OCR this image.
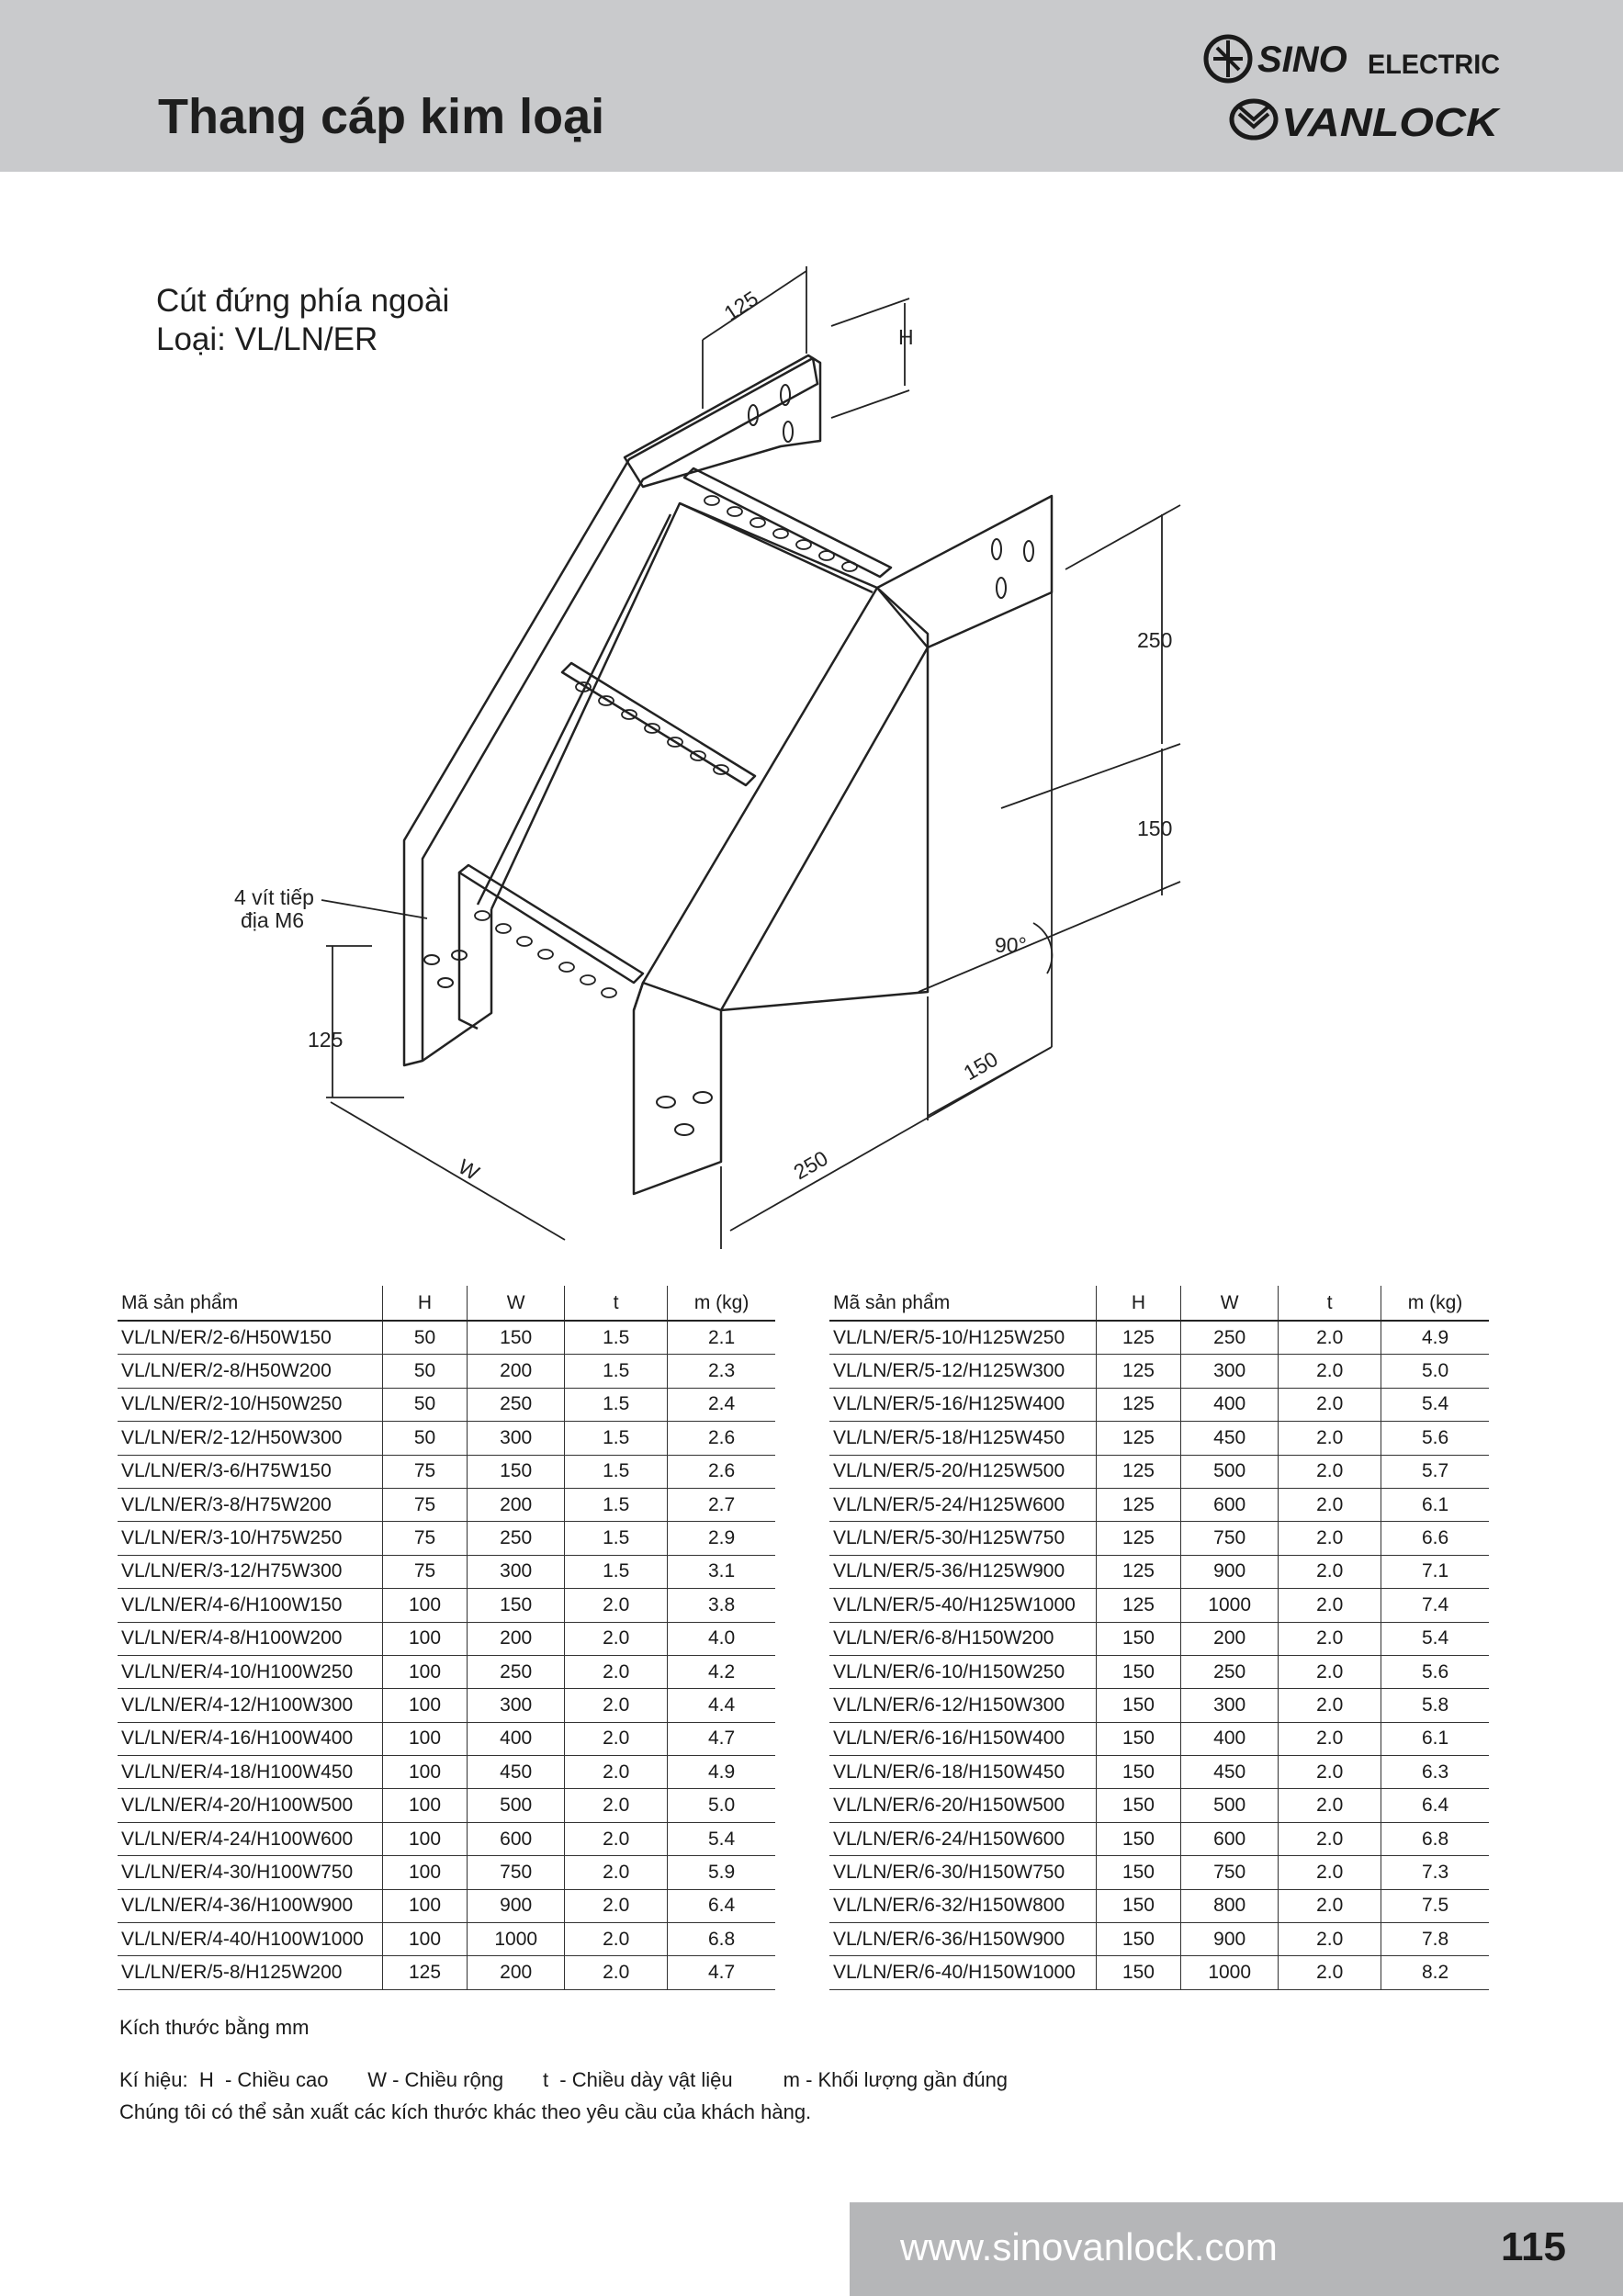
Thang cáp kim loại
SINO ELECTRIC
VANLOCK
Cút đứng phía ngoài
Loại: VL/LN/ER
125
H
250
150
90°
150
250
W
125
4 vít tiếp
địa M6
Mã sản phẩm	H	W	t	m (kg)
VL/LN/ER/2-6/H50W150	50	150	1.5	2.1
VL/LN/ER/2-8/H50W200	50	200	1.5	2.3
VL/LN/ER/2-10/H50W250	50	250	1.5	2.4
VL/LN/ER/2-12/H50W300	50	300	1.5	2.6
VL/LN/ER/3-6/H75W150	75	150	1.5	2.6
VL/LN/ER/3-8/H75W200	75	200	1.5	2.7
VL/LN/ER/3-10/H75W250	75	250	1.5	2.9
VL/LN/ER/3-12/H75W300	75	300	1.5	3.1
VL/LN/ER/4-6/H100W150	100	150	2.0	3.8
VL/LN/ER/4-8/H100W200	100	200	2.0	4.0
VL/LN/ER/4-10/H100W250	100	250	2.0	4.2
VL/LN/ER/4-12/H100W300	100	300	2.0	4.4
VL/LN/ER/4-16/H100W400	100	400	2.0	4.7
VL/LN/ER/4-18/H100W450	100	450	2.0	4.9
VL/LN/ER/4-20/H100W500	100	500	2.0	5.0
VL/LN/ER/4-24/H100W600	100	600	2.0	5.4
VL/LN/ER/4-30/H100W750	100	750	2.0	5.9
VL/LN/ER/4-36/H100W900	100	900	2.0	6.4
VL/LN/ER/4-40/H100W1000	100	1000	2.0	6.8
VL/LN/ER/5-8/H125W200	125	200	2.0	4.7
Mã sản phẩm	H	W	t	m (kg)
VL/LN/ER/5-10/H125W250	125	250	2.0	4.9
VL/LN/ER/5-12/H125W300	125	300	2.0	5.0
VL/LN/ER/5-16/H125W400	125	400	2.0	5.4
VL/LN/ER/5-18/H125W450	125	450	2.0	5.6
VL/LN/ER/5-20/H125W500	125	500	2.0	5.7
VL/LN/ER/5-24/H125W600	125	600	2.0	6.1
VL/LN/ER/5-30/H125W750	125	750	2.0	6.6
VL/LN/ER/5-36/H125W900	125	900	2.0	7.1
VL/LN/ER/5-40/H125W1000	125	1000	2.0	7.4
VL/LN/ER/6-8/H150W200	150	200	2.0	5.4
VL/LN/ER/6-10/H150W250	150	250	2.0	5.6
VL/LN/ER/6-12/H150W300	150	300	2.0	5.8
VL/LN/ER/6-16/H150W400	150	400	2.0	6.1
VL/LN/ER/6-18/H150W450	150	450	2.0	6.3
VL/LN/ER/6-20/H150W500	150	500	2.0	6.4
VL/LN/ER/6-24/H150W600	150	600	2.0	6.8
VL/LN/ER/6-30/H150W750	150	750	2.0	7.3
VL/LN/ER/6-32/H150W800	150	800	2.0	7.5
VL/LN/ER/6-36/H150W900	150	900	2.0	7.8
VL/LN/ER/6-40/H150W1000	150	1000	2.0	8.2
Kích thước bằng mm
Kí hiệu:  H  - Chiều cao       W - Chiều rộng       t  - Chiều dày vật liệu         m - Khối lượng gần đúng
Chúng tôi có thể sản xuất các kích thước khác theo yêu cầu của khách hàng.
www.sinovanlock.com	115
